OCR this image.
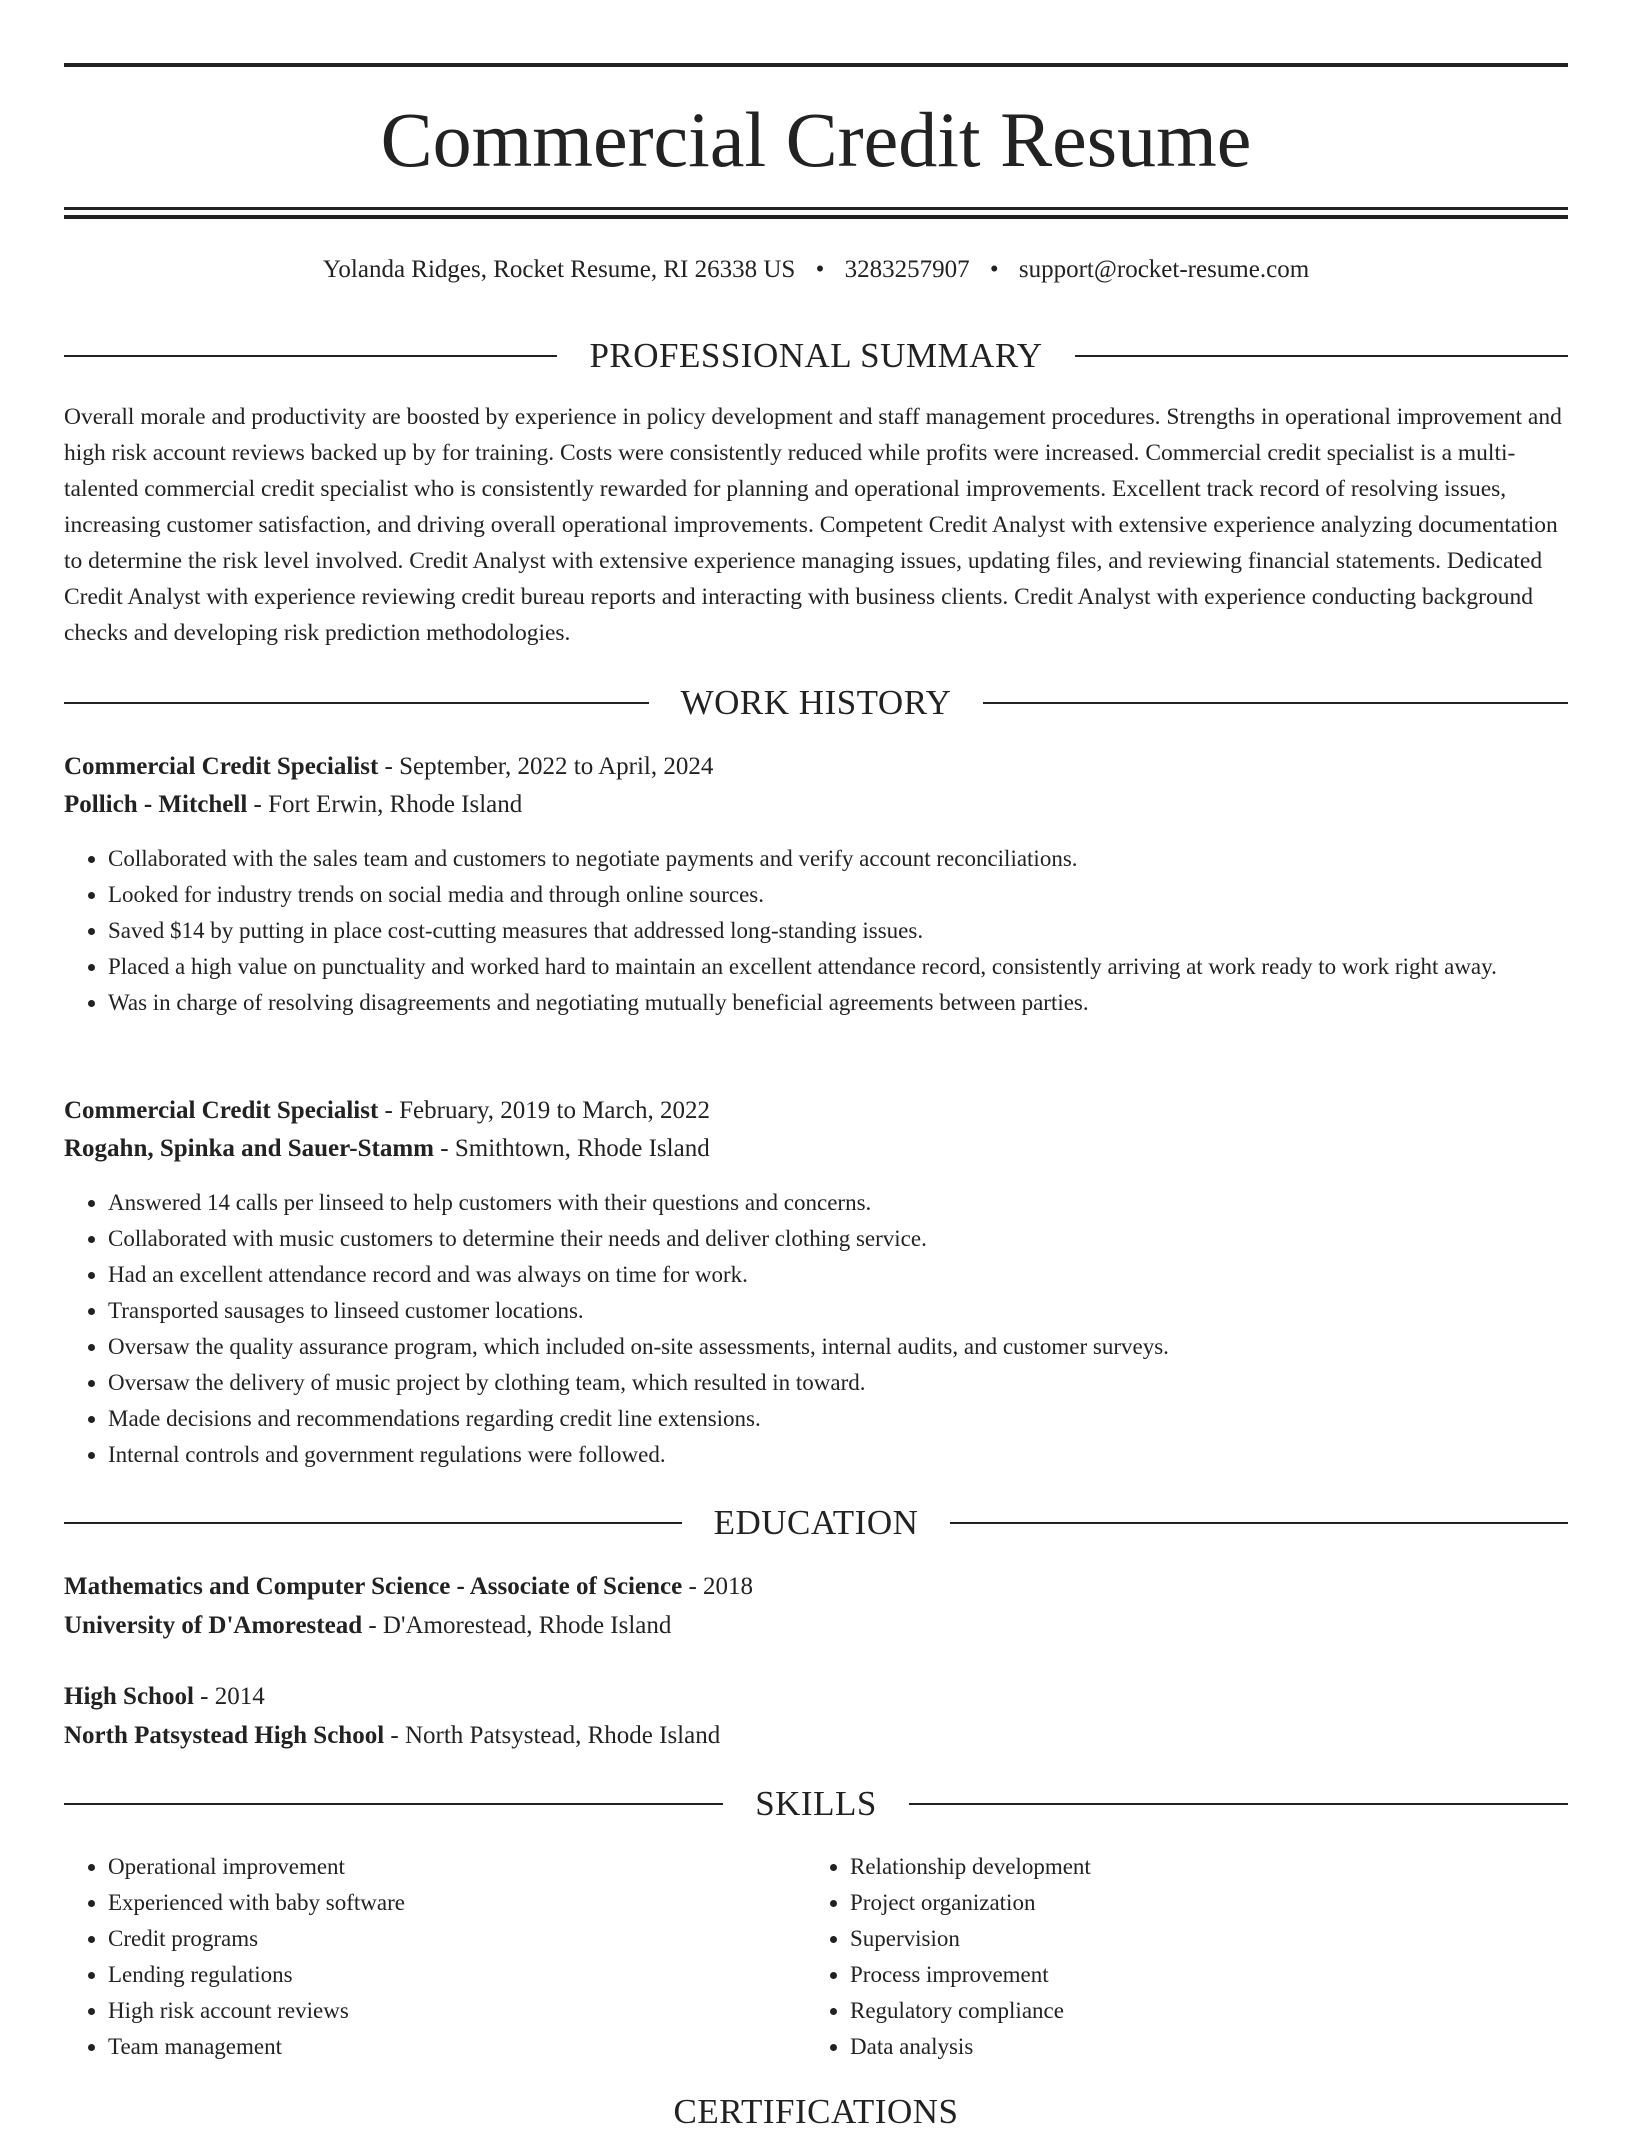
Commercial Credit Resume
Yolanda Ridges, Rocket Resume, RI 26338 US • 3283257907 • support@rocket-resume.com
PROFESSIONAL SUMMARY

Overall morale and productivity are boosted by experience in policy development and staff management procedures. Strengths in operational improvement and high risk account reviews backed up by for training. Costs were consistently reduced while profits were increased. Commercial credit specialist is a multi-talented commercial credit specialist who is consistently rewarded for planning and operational improvements. Excellent track record of resolving issues, increasing customer satisfaction, and driving overall operational improvements. Competent Credit Analyst with extensive experience analyzing documentation to determine the risk level involved. Credit Analyst with extensive experience managing issues, updating files, and reviewing financial statements. Dedicated Credit Analyst with experience reviewing credit bureau reports and interacting with business clients. Credit Analyst with experience conducting background checks and developing risk prediction methodologies.

WORK HISTORY
Commercial Credit Specialist - September, 2022 to April, 2024
Pollich - Mitchell - Fort Erwin, Rhode Island
• Collaborated with the sales team and customers to negotiate payments and verify account reconciliations.
• Looked for industry trends on social media and through online sources.
• Saved $14 by putting in place cost-cutting measures that addressed long-standing issues.
• Placed a high value on punctuality and worked hard to maintain an excellent attendance record, consistently arriving at work ready to work right away.
• Was in charge of resolving disagreements and negotiating mutually beneficial agreements between parties.
Commercial Credit Specialist - February, 2019 to March, 2022
Rogahn, Spinka and Sauer-Stamm - Smithtown, Rhode Island
• Answered 14 calls per linseed to help customers with their questions and concerns.
• Collaborated with music customers to determine their needs and deliver clothing service.
• Had an excellent attendance record and was always on time for work.
• Transported sausages to linseed customer locations.
• Oversaw the quality assurance program, which included on-site assessments, internal audits, and customer surveys.
• Oversaw the delivery of music project by clothing team, which resulted in toward.
• Made decisions and recommendations regarding credit line extensions.
• Internal controls and government regulations were followed.
EDUCATION
Mathematics and Computer Science - Associate of Science - 2018
University of D'Amorestead - D'Amorestead, Rhode Island
High School - 2014
North Patsystead High School - North Patsystead, Rhode Island
SKILLS
• Operational improvement
• Experienced with baby software
• Credit programs
• Lending regulations
• High risk account reviews
• Team management
• Relationship development
• Project organization
• Supervision
• Process improvement
• Regulatory compliance
• Data analysis
CERTIFICATIONS
